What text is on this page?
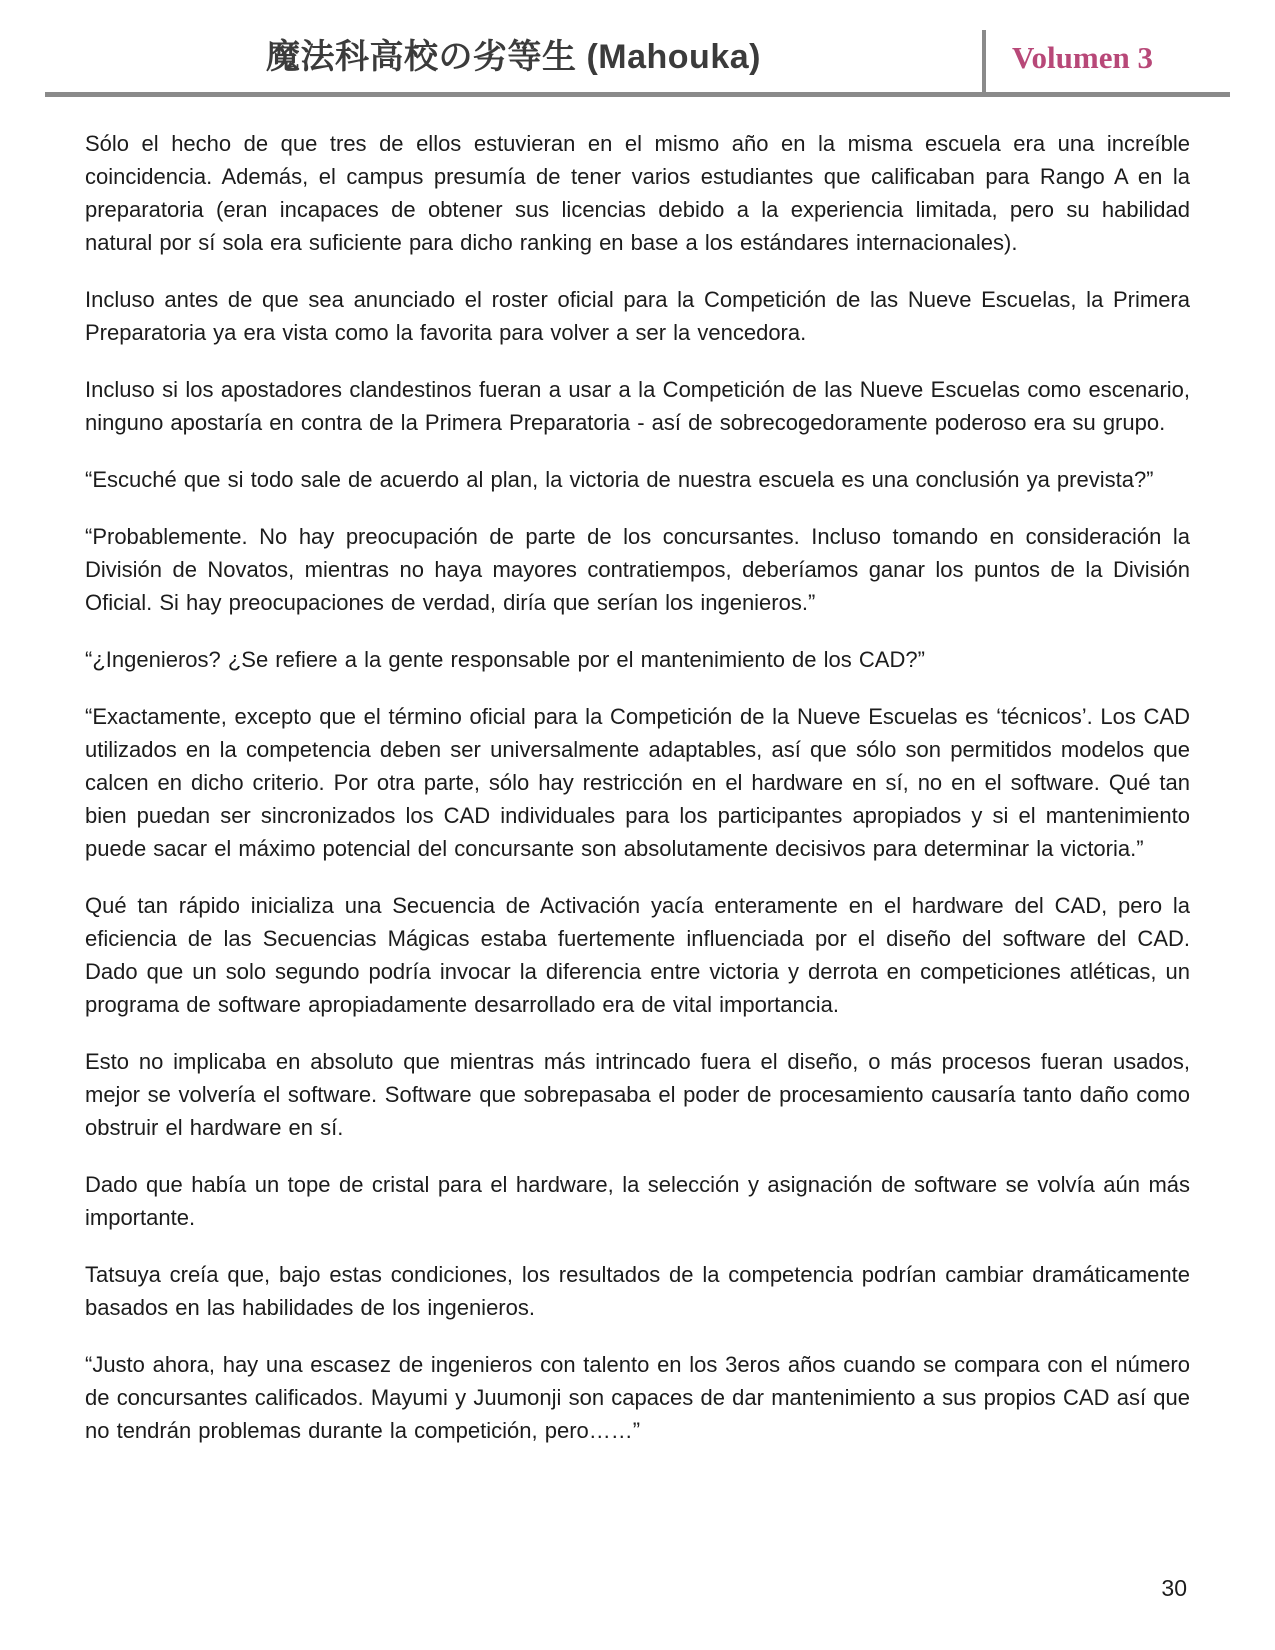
魔法科高校の劣等生 (Mahouka)	Volumen 3

Sólo el hecho de que tres de ellos estuvieran en el mismo año en la misma escuela era una increíble coincidencia. Además, el campus presumía de tener varios estudiantes que calificaban para Rango A en la preparatoria (eran incapaces de obtener sus licencias debido a la experiencia limitada, pero su habilidad natural por sí sola era suficiente para dicho ranking en base a los estándares internacionales).

Incluso antes de que sea anunciado el roster oficial para la Competición de las Nueve Escuelas, la Primera Preparatoria ya era vista como la favorita para volver a ser la vencedora.

Incluso si los apostadores clandestinos fueran a usar a la Competición de las Nueve Escuelas como escenario, ninguno apostaría en contra de la Primera Preparatoria - así de sobrecogedoramente poderoso era su grupo.

“Escuché que si todo sale de acuerdo al plan, la victoria de nuestra escuela es una conclusión ya prevista?”

“Probablemente. No hay preocupación de parte de los concursantes. Incluso tomando en consideración la División de Novatos, mientras no haya mayores contratiempos, deberíamos ganar los puntos de la División Oficial. Si hay preocupaciones de verdad, diría que serían los ingenieros.”

“¿Ingenieros? ¿Se refiere a la gente responsable por el mantenimiento de los CAD?”

“Exactamente, excepto que el término oficial para la Competición de la Nueve Escuelas es ‘técnicos’. Los CAD utilizados en la competencia deben ser universalmente adaptables, así que sólo son permitidos modelos que calcen en dicho criterio. Por otra parte, sólo hay restricción en el hardware en sí, no en el software. Qué tan bien puedan ser sincronizados los CAD individuales para los participantes apropiados y si el mantenimiento puede sacar el máximo potencial del concursante son absolutamente decisivos para determinar la victoria.”

Qué tan rápido inicializa una Secuencia de Activación yacía enteramente en el hardware del CAD, pero la eficiencia de las Secuencias Mágicas estaba fuertemente influenciada por el diseño del software del CAD. Dado que un solo segundo podría invocar la diferencia entre victoria y derrota en competiciones atléticas, un programa de software apropiadamente desarrollado era de vital importancia.

Esto no implicaba en absoluto que mientras más intrincado fuera el diseño, o más procesos fueran usados, mejor se volvería el software. Software que sobrepasaba el poder de procesamiento causaría tanto daño como obstruir el hardware en sí.

Dado que había un tope de cristal para el hardware, la selección y asignación de software se volvía aún más importante.

Tatsuya creía que, bajo estas condiciones, los resultados de la competencia podrían cambiar dramáticamente basados en las habilidades de los ingenieros.

“Justo ahora, hay una escasez de ingenieros con talento en los 3eros años cuando se compara con el número de concursantes calificados. Mayumi y Juumonji son capaces de dar mantenimiento a sus propios CAD así que no tendrán problemas durante la competición, pero……”

30
